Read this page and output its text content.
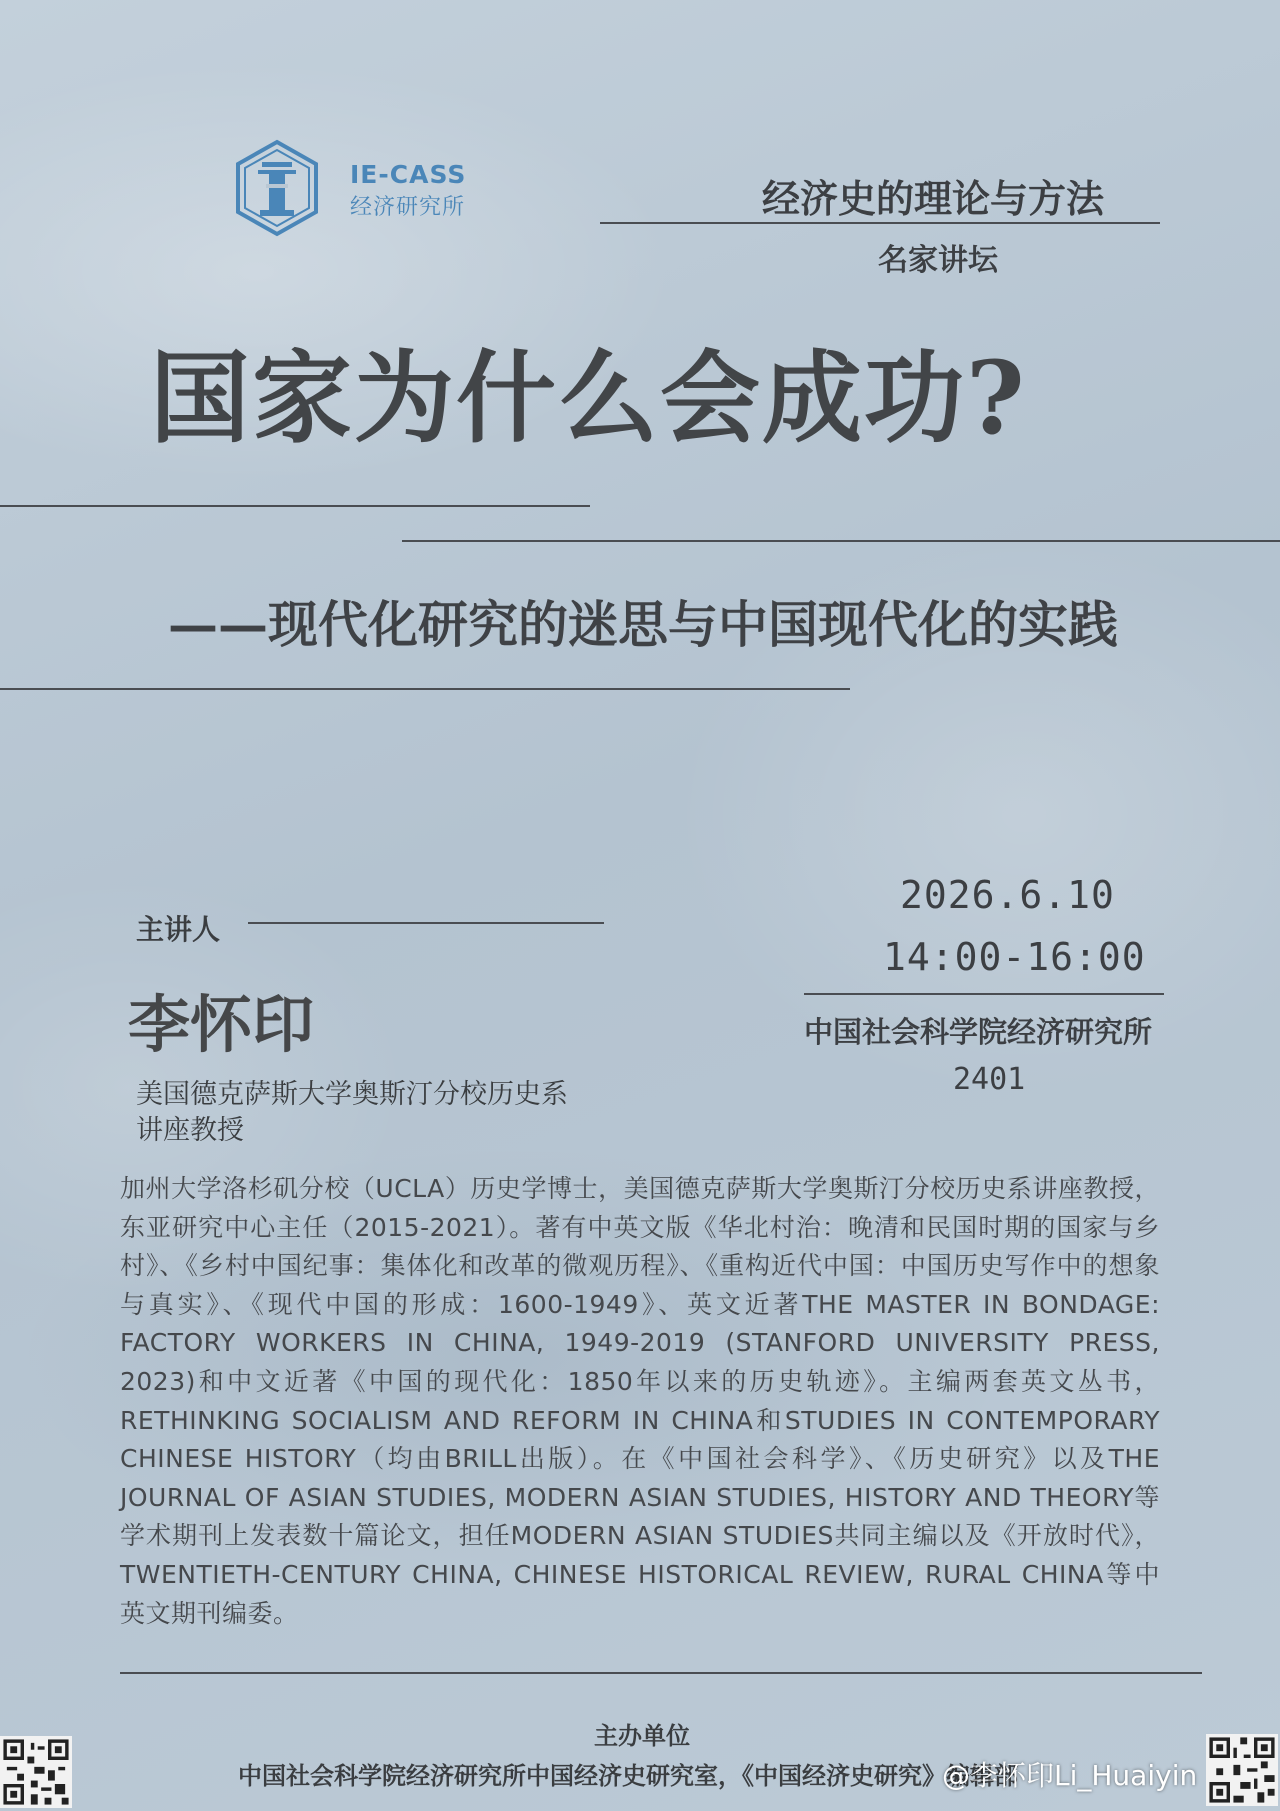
IE-CASS
经济研究所	经济史的理论与方法
名家讲坛
国家为什么会成功?
——现代化研究的迷思与中国现代化的实践
主讲人
李怀印
美国德克萨斯大学奥斯汀分校历史系
讲座教授
2026.6.10
14:00-16:00
中国社会科学院经济研究所
2401
加州大学洛杉矶分校（UCLA）历史学博士，美国德克萨斯大学奥斯汀分校历史系讲座教授，东亚研究中心主任（2015-2021）。著有中英文版《华北村治：晚清和民国时期的国家与乡村》、《乡村中国纪事：集体化和改革的微观历程》、《重构近代中国：中国历史写作中的想象与真实》、《现代中国的形成：1600-1949》、英文近著THE MASTER IN BONDAGE: FACTORY WORKERS IN CHINA, 1949-2019 (STANFORD UNIVERSITY PRESS, 2023)和中文近著《中国的现代化：1850年以来的历史轨迹》。主编两套英文丛书，RETHINKING SOCIALISM AND REFORM IN CHINA和STUDIES IN CONTEMPORARY CHINESE HISTORY（均由BRILL出版）。在《中国社会科学》、《历史研究》以及THE JOURNAL OF ASIAN STUDIES, MODERN ASIAN STUDIES, HISTORY AND THEORY等学术期刊上发表数十篇论文，担任MODERN ASIAN STUDIES共同主编以及《开放时代》，TWENTIETH-CENTURY CHINA, CHINESE HISTORICAL REVIEW, RURAL CHINA等中英文期刊编委。
主办单位
中国社会科学院经济研究所中国经济史研究室，《中国经济史研究》编辑部
@李怀印Li_Huaiyin
